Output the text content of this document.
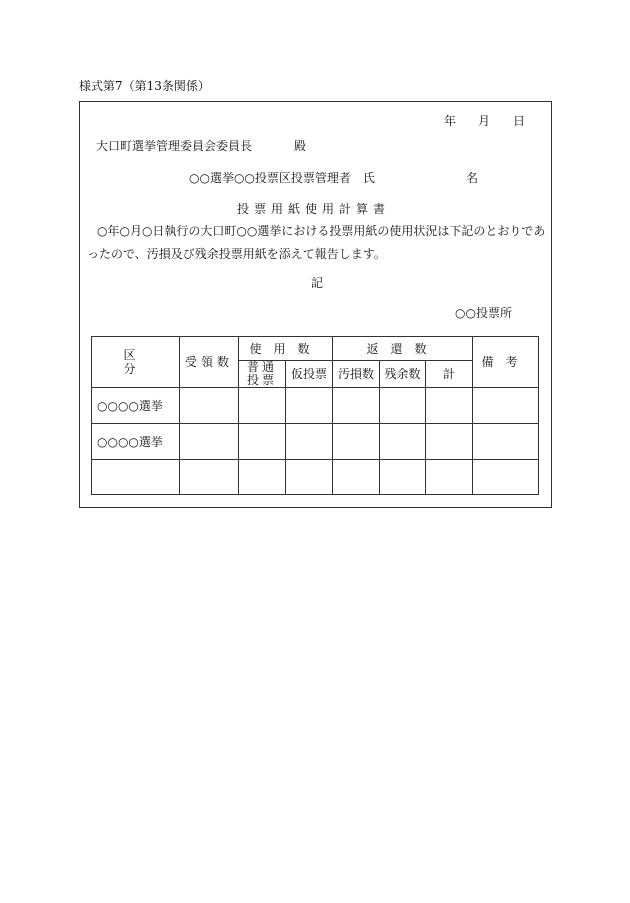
様式第7（第13条関係）
年 月 日
大口町選挙管理委員会委員長	殿
○○選挙○○投票区投票管理者　氏	名
投票用紙使用計算書
○年○月○日執行の大口町○○選挙における投票用紙の使用状況は下記のとおりであったので、汚損及び残余投票用紙を添えて報告します。
記
○○投票所
区　　分	受領数	使用数		返還数			備考
		普通投票	仮投票	汚損数	残余数	計	
○○○○選挙							
○○○○選挙							
